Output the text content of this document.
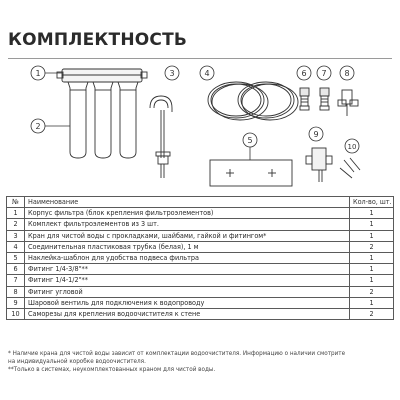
КОМПЛЕКТНОСТЬ
1
2
3	4
5
6 7 8
9
10
№	Наименование	Кол-во, шт.
1	Корпус фильтра (блок крепления фильтроэлементов)	1
2	Комплект фильтроэлементов из 3 шт.	1
3	Кран для чистой воды с прокладками, шайбами, гайкой и фитингом*	1
4	Соединительная пластиковая трубка (белая), 1 м	2
5	Наклейка-шаблон для удобства подвеса фильтра	1
6	Фитинг 1/4-3/8"**	1
7	Фитинг 1/4-1/2"**	1
8	Фитинг угловой	2
9	Шаровой вентиль для подключения к водопроводу	1
10	Саморезы для крепления водоочистителя к стене	2
* Наличие крана для чистой воды зависит от комплектации водоочистителя. Информацию о наличии смотрите
на индивидуальной коробке водоочистителя.
**Только в системах, неукомплектованных краном для чистой воды.
